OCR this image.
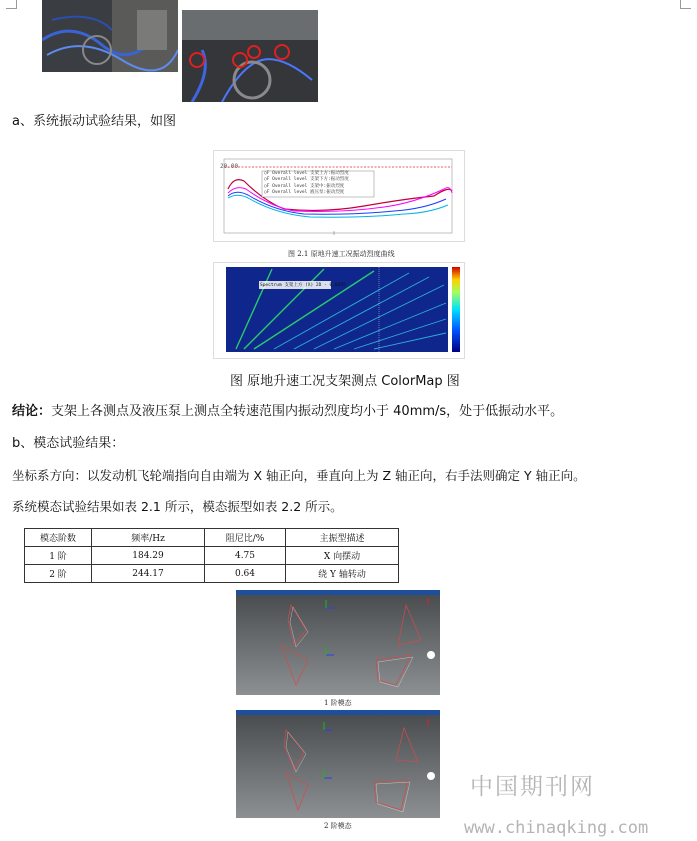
a、系统振动试验结果，如图
20.00
○F Overall level 支架上方:振动烈度
○F Overall level 支架下方:振动烈度
○F Overall level 支架中:振动烈度
○F Overall level 液压泵:振动烈度
图 2.1 原地升速工况振动烈度曲线
Spectrum 支架上方 (X) 2D · 0.0195
图 原地升速工况支架测点 ColorMap 图
结论：支架上各测点及液压泵上测点全转速范围内振动烈度均小于 40mm/s，处于低振动水平。
b、模态试验结果：
坐标系方向：以发动机飞轮端指向自由端为 X 轴正向，垂直向上为 Z 轴正向，右手法则确定 Y 轴正向。
系统模态试验结果如表 2.1 所示，模态振型如表 2.2 所示。
模态阶数	频率/Hz	阻尼比/%	主振型描述
1 阶	184.29	4.75	X 向摆动
2 阶	244.17	0.64	绕 Y 轴转动
1 阶模态
2 阶模态
中国期刊网
www.chinaqking.com
